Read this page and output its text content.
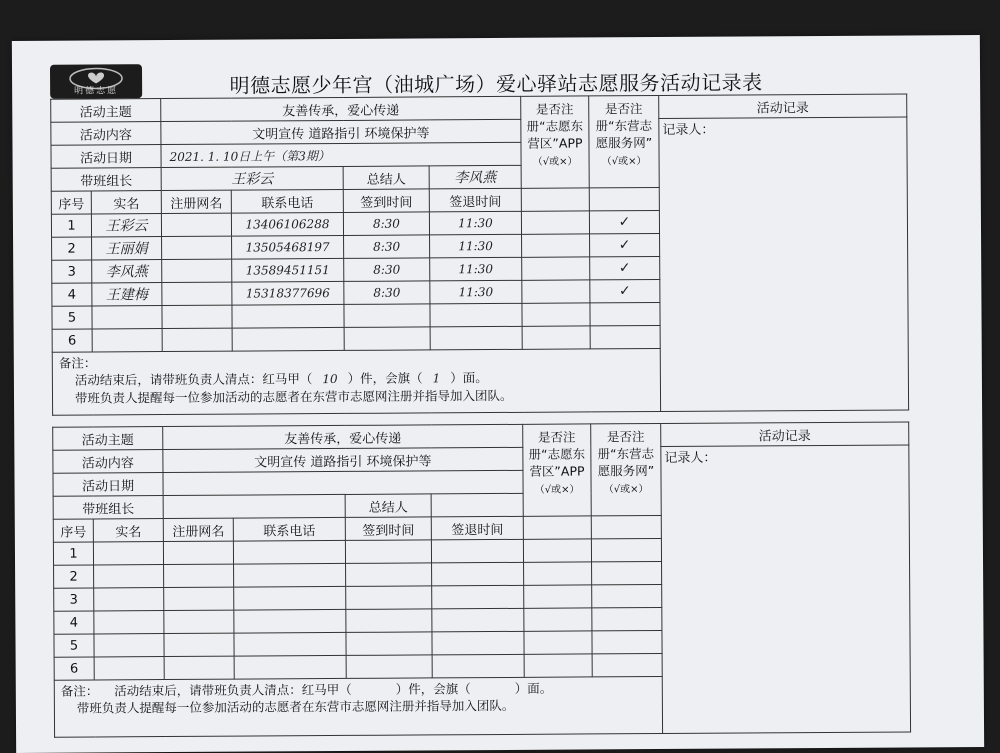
明德志愿	明德志愿少年宫（油城广场）爱心驿站志愿服务活动记录表
活动主题		友善传承，爱心传递				是否注册“志愿东营区”APP
（√或×）	是否注册“东营志愿服务网”
（√或×）	活动记录
活动内容		文明宣传 道路指引 环境保护等						记录人：
活动日期		2021. 1. 10日上午（第3期）						
带班组长		王彩云		总结人	李风燕			
序号	实名	注册网名	联系电话	签到时间	签退时间			
1	王彩云		13406106288	8:30	11:30		✓	
2	王丽娟		13505468197	8:30	11:30		✓	
3	李风燕		13589451151	8:30	11:30		✓	
4	王建梅		15318377696	8:30	11:30		✓	
5								
6								
备注：
活动结束后，请带班负责人清点：红马甲（ 10 ）件，会旗（ 1 ）面。
带班负责人提醒每一位参加活动的志愿者在东营市志愿网注册并指导加入团队。								
活动主题		友善传承，爱心传递				是否注册“志愿东营区”APP
（√或×）	是否注册“东营志愿服务网”
（√或×）	活动记录
活动内容		文明宣传 道路指引 环境保护等						记录人：
活动日期								
带班组长				总结人				
序号	实名	注册网名	联系电话	签到时间	签退时间			
1								
2								
3								
4								
5								
6								
备注： 活动结束后，请带班负责人清点：红马甲（ ）件，会旗（ ）面。
带班负责人提醒每一位参加活动的志愿者在东营市志愿网注册并指导加入团队。								
